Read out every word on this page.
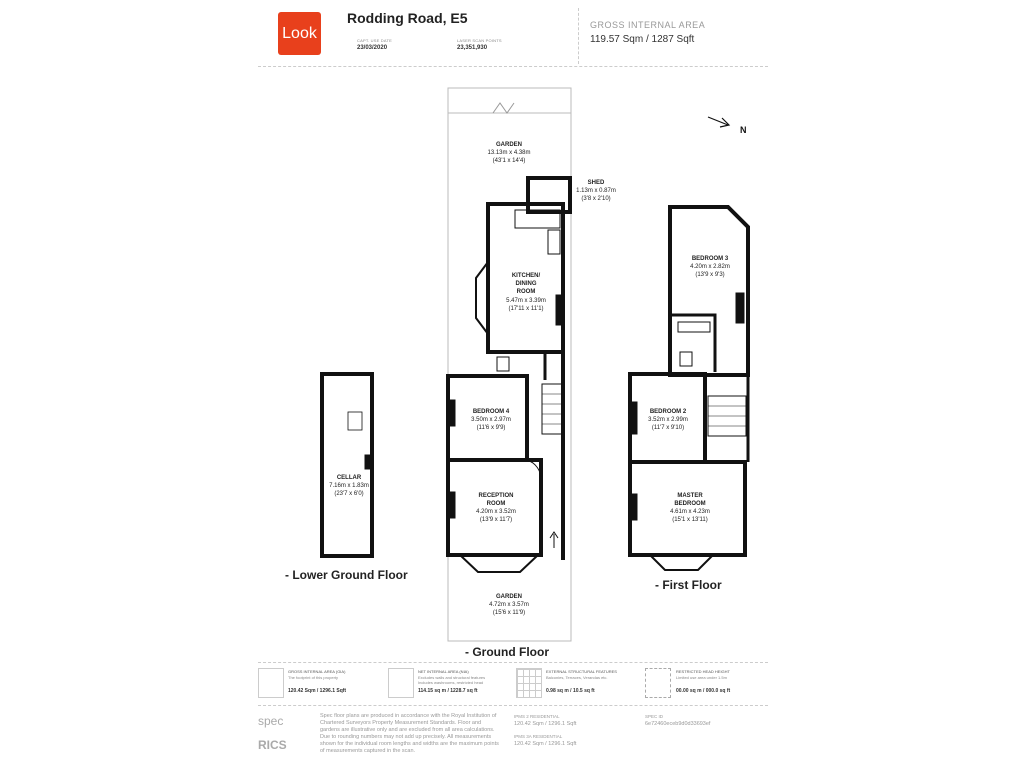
Look
Rodding Road, E5
CAPT. USE DATE
23/03/2020
LASER SCAN POINTS
23,351,930
GROSS INTERNAL AREA
119.57 Sqm / 1287 Sqft
N
GARDEN
13.13m x 4.38m
(43'1 x 14'4)
SHED
1.13m x 0.87m
(3'8 x 2'10)
KITCHEN/
DINING
ROOM
5.47m x 3.39m
(17'11 x 11'1)
BEDROOM 4
3.50m x 2.97m
(11'6 x 9'9)
RECEPTION
ROOM
4.20m x 3.52m
(13'9 x 11'7)
GARDEN
4.72m x 3.57m
(15'6 x 11'9)
CELLAR
7.16m x 1.83m
(23'7 x 6'0)
BEDROOM 3
4.20m x 2.82m
(13'9 x 9'3)
BEDROOM 2
3.52m x 2.99m
(11'7 x 9'10)
MASTER
BEDROOM
4.61m x 4.23m
(15'1 x 13'11)
- Lower Ground Floor
- Ground Floor
- First Floor
GROSS INTERNAL AREA (GIA)
The footprint of this property
120.42 Sqm / 1296.1 Sqft
NET INTERNAL AREA (NIA)
Excludes walls and structural features
Includes washrooms, restricted head
114.15 sq m / 1228.7 sq ft
EXTERNAL STRUCTURAL FEATURES
Balconies, Terraces, Verandas etc.
0.98 sq m / 10.5 sq ft
RESTRICTED HEAD HEIGHT
Limited use area under 1.5m
00.00 sq m / 000.0 sq ft
spec
RICS
Spec floor plans are produced in accordance with the Royal Institution of Chartered Surveyors Property Measurement Standards. Floor and gardens are illustrative only and are excluded from all area calculations. Due to rounding numbers may not add up precisely. All measurements shown for the individual room lengths and widths are the maximum points of measurements captured in the scan.
IPMS 2 RESIDENTIAL
120.42 Sqm / 1296.1 Sqft
IPMS 3A RESIDENTIAL
120.42 Sqm / 1296.1 Sqft
SPEC ID
6e72460eceb9d0d33693ef
